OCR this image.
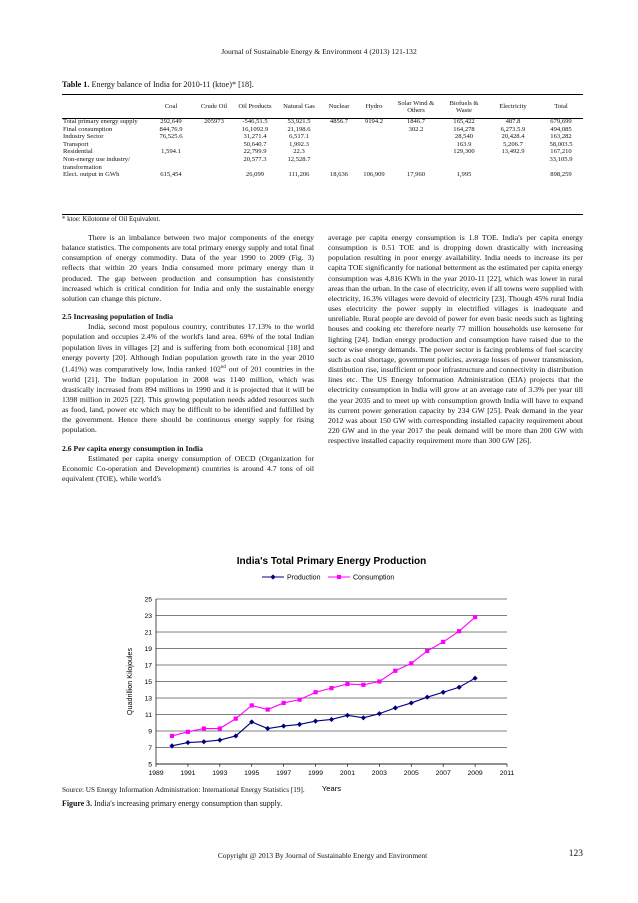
Journal of Sustainable Energy & Environment 4 (2013) 121-132
Table 1. Energy balance of India for 2010-11 (ktoe)* [18].
	Coal	Crude Oil	Oil Products	Natural Gas	Nuclear	Hydro	Solar Wind & Others	Biofuels & Waste	Electricity	Total
Total primary energy supply	292,649	205973	-546,51.5	53,921.5	4856.7	9194.2	1846.7	165,422	487.8	679,699
Final consumption	844,76.9		16,1092.9	21,198.6			302.2	164,278	6,273.5.9	494,085
Industry Sector	76,525.6		31,271.4	6,517.1				28,540	20,428.4	163,282
Transport			50,640.7	1,992.3				163.9	5,206.7	58,003.5
Residential	1,594.1		22,799.9	22.3				129,300	13,492.9	167,210
Non-energy use industry/ transformation			20,577.3	12,528.7						33,105.9
Elect. output in GWh	615,454		26,099	111,206	18,636	106,909	17,960	1,995		898,259
* ktoe: Kilotonne of Oil Equivalent.

There is an imbalance between two major components of the energy balance statistics. The components are total primary energy supply and total final consumption of energy commodity. Data of the year 1990 to 2009 (Fig. 3) reflects that within 20 years India consumed more primary energy than it produced. The gap between production and consumption has consistently increased which is critical condition for India and only the sustainable energy solution can change this picture.

2.5 Increasing population of India

India, second most populous country, contributes 17.13% to the world population and occupies 2.4% of the world's land area. 69% of the total Indian population lives in villages [2] and is suffering from both economical [18] and energy poverty [20]. Although Indian population growth rate in the year 2010 (1.41%) was comparatively low, India ranked 102nd out of 201 countries in the world [21]. The Indian population in 2008 was 1140 million, which was drastically increased from 894 millions in 1990 and it is projected that it will be 1398 million in 2025 [22]. This growing population needs added resources such as food, land, power etc which may be difficult to be identified and fulfilled by the government. Hence there should be continuous energy supply for rising population.

2.6 Per capita energy consumption in India

Estimated per capita energy consumption of OECD (Organization for Economic Co-operation and Development) countries is around 4.7 tons of oil equivalent (TOE), while world's

average per capita energy consumption is 1.8 TOE. India's per capita energy consumption is 0.51 TOE and is dropping down drastically with increasing population resulting in poor energy availability. India needs to increase its per capita TOE significantly for national betterment as the estimated per capita energy consumption was 4,816 KWh in the year 2010-11 [22], which was lower in rural areas than the urban. In the case of electricity, even if all towns were supplied with electricity, 16.3% villages were devoid of electricity [23]. Though 45% rural India uses electricity the power supply in electrified villages is inadequate and unreliable. Rural people are devoid of power for even basic needs such as lighting houses and cooking etc therefore nearly 77 million households use kerosene for lighting [24]. Indian energy production and consumption have raised due to the sector wise energy demands. The power sector is facing problems of fuel scarcity such as coal shortage, government policies, average losses of power transmission, distribution rise, insufficient or poor infrastructure and connectivity in distribution lines etc. The US Energy Information Administration (EIA) projects that the electricity consumption in India will grow at an average rate of 3.3% per year till the year 2035 and to meet up with consumption growth India will have to expand its current power generation capacity by 234 GW [25]. Peak demand in the year 2012 was about 150 GW with corresponding installed capacity requirement about 220 GW and in the year 2017 the peak demand will be more than 200 GW with respective installed capacity requirement more than 300 GW [26].

India's Total Primary Energy Production
5
7
9
11
13
15
17
19
21
23
25
1989 1991 1993 1995 1997 1999 2001 2003 2005 2007 2009	2011
Years
Quadrillion Kilojoules
Production	Consumption
Source: US Energy Information Administration: International Energy Statistics [19].
Figure 3. India's increasing primary energy consumption than supply.
Copyright @ 2013 By Journal of Sustainable Energy and Environment	123
